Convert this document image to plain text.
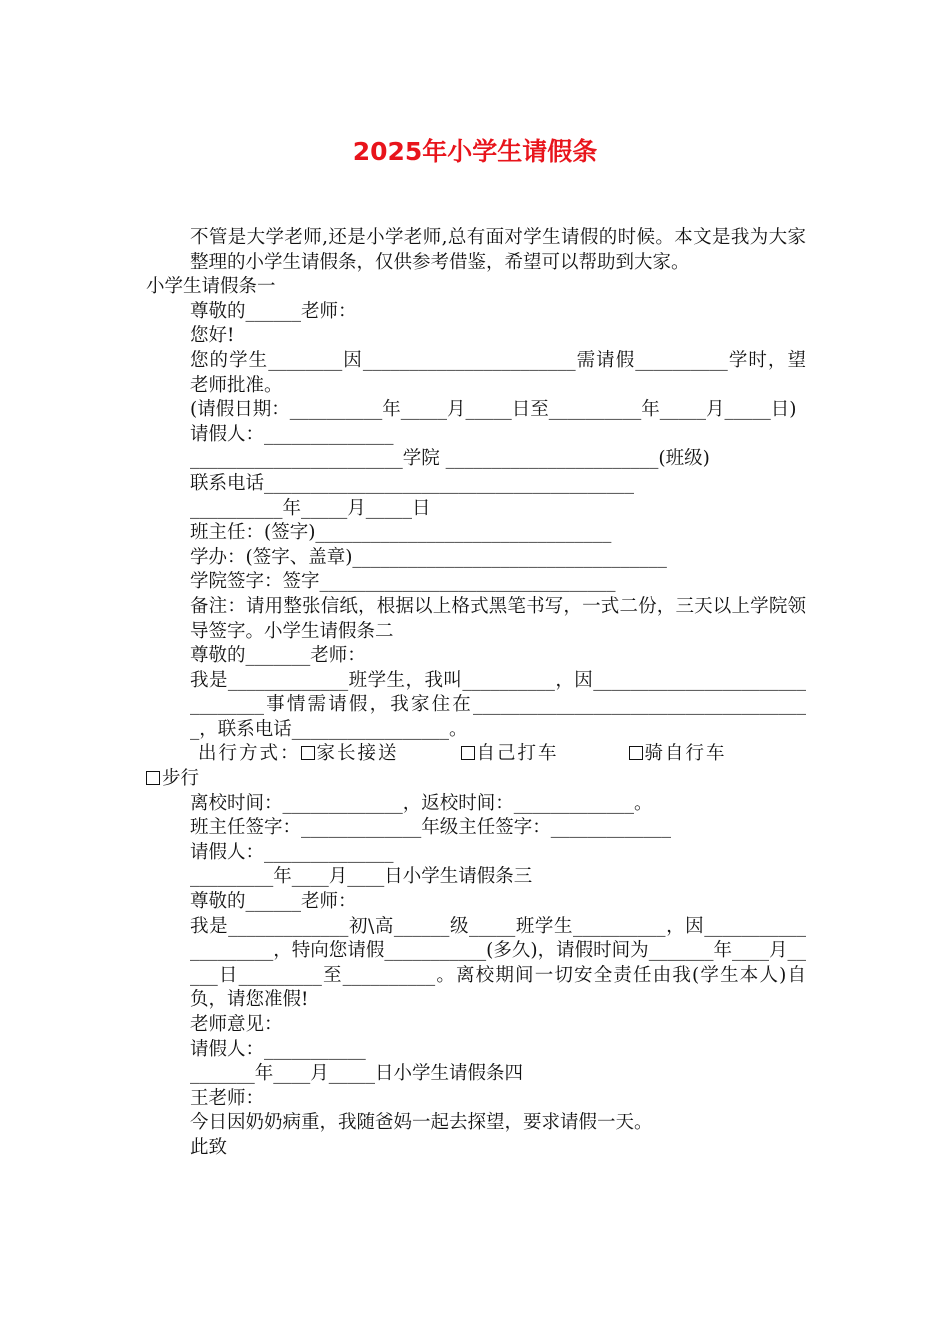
2025年小学生请假条

不管是大学老师,还是小学老师,总有面对学生请假的时候。本文是我为大家整理的小学生请假条，仅供参考借鉴，希望可以帮助到大家。

小学生请假条一

尊敬的______老师：

您好!

您的学生________因_______________________需请假__________学时，望老师批准。

(请假日期：__________年_____月_____日至__________年_____月_____日)

请假人：______________

_______________________学院 _______________________(班级)

联系电话________________________________________

__________年_____月_____日

班主任：(签字)________________________________

学办：(签字、盖章)__________________________________

学院签字：签字________________________________

备注：请用整张信纸，根据以上格式黑笔书写，一式二份，三天以上学院领导签字。小学生请假条二

尊敬的_______老师：

我是_____________班学生，我叫__________，因_______________________________事情需请假，我家住在_____________________________________，联系电话_________________。

出行方式： 家长接送	自己打车	骑自行车
步行

离校时间：_____________，返校时间：_____________。

班主任签字：_____________年级主任签字：_____________

请假人：______________

_________年____月____日小学生请假条三

尊敬的______老师：

我是_____________初\高______级_____班学生__________，因____________________，特向您请假___________(多久)，请假时间为_______年____月_____日_________至__________。离校期间一切安全责任由我(学生本人)自负，请您准假!

老师意见：

请假人：___________

_______年____月_____日小学生请假条四

王老师：

今日因奶奶病重，我随爸妈一起去探望，要求请假一天。

此致
